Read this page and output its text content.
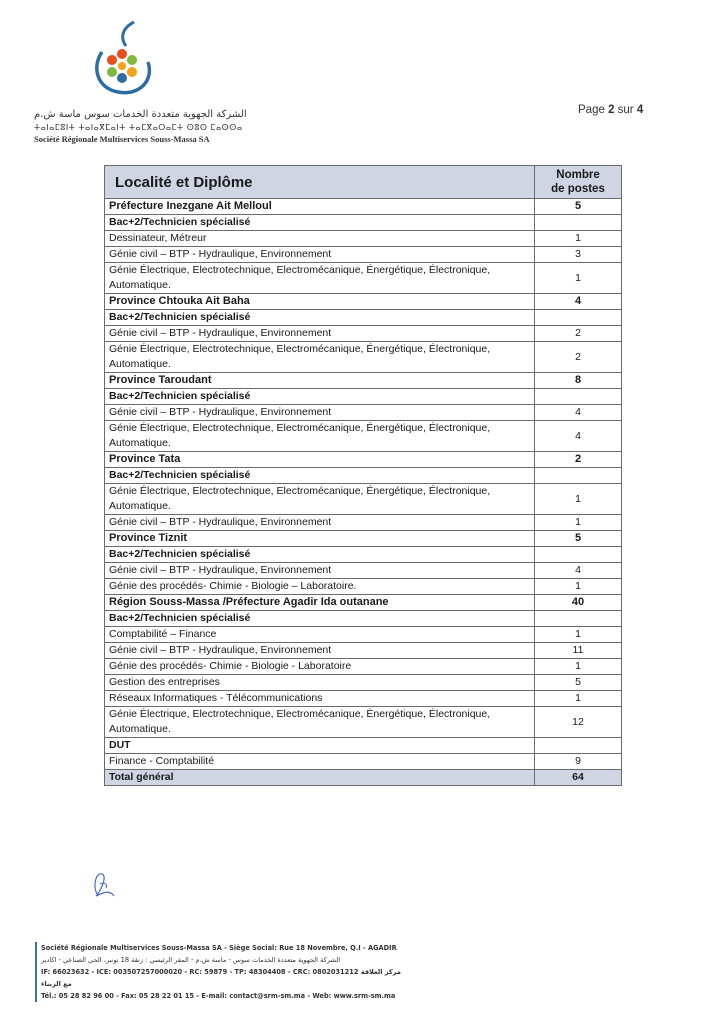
الشركة الجهوية متعددة الخدمات سوس ماسة ش.م
ⵜⴰⵏⴰⵎⵓⵏⵜ ⵜⴰⵏⴰⴳⵎⴰⵏⵜ ⵜⴰⵎⴳⴰⵔⴰⵎⵜ ⵙⵓⵙ ⵎⴰⵙⵙⴰ
Société Régionale Multiservices Souss-Massa SA
Page 2 sur 4
Localité et Diplôme	Nombre
de postes
Préfecture Inezgane Ait Melloul	5
Bac+2/Technicien spécialisé	
Dessinateur, Métreur	1
Génie civil – BTP - Hydraulique, Environnement	3
Génie Électrique, Electrotechnique, Electromécanique, Énergétique, Électronique, Automatique.	1
Province Chtouka Ait Baha	4
Bac+2/Technicien spécialisé	
Génie civil – BTP - Hydraulique, Environnement	2
Génie Électrique, Electrotechnique, Electromécanique, Énergétique, Électronique, Automatique.	2
Province Taroudant	8
Bac+2/Technicien spécialisé	
Génie civil – BTP - Hydraulique, Environnement	4
Génie Électrique, Electrotechnique, Electromécanique, Énergétique, Électronique, Automatique.	4
Province Tata	2
Bac+2/Technicien spécialisé	
Génie Électrique, Electrotechnique, Electromécanique, Énergétique, Électronique, Automatique.	1
Génie civil – BTP - Hydraulique, Environnement	1
Province Tiznit	5
Bac+2/Technicien spécialisé	
Génie civil – BTP - Hydraulique, Environnement	4
Génie des procédés- Chimie - Biologie – Laboratoire.	1
Région Souss-Massa /Préfecture Agadir Ida outanane	40
Bac+2/Technicien spécialisé	
Comptabilité – Finance	1
Génie civil – BTP - Hydraulique, Environnement	11
Génie des procédés- Chimie - Biologie - Laboratoire	1
Gestion des entreprises	5
Réseaux Informatiques - Télécommunications	1
Génie Électrique, Electrotechnique, Electromécanique, Énergétique, Électronique, Automatique.	12
DUT	
Finance - Comptabilité	9
Total général	64
Société Régionale Multiservices Souss-Massa SA - Siège Social: Rue 18 Novembre, Q.I - AGADIR
الشركة الجهوية متعددة الخدمات سوس - ماسة ش.م - المقر الرئيسي : زنقة 18 نونبر، الحي الصناعي - اكادير
IF: 66023632 - ICE: 003507257000020 - RC: 59879 - TP: 48304408 - CRC: 0802031212 مركز العلاقة مع الزبناء
Tél.: 05 28 82 96 00 - Fax: 05 28 22 01 15 - E-mail: contact@srm-sm.ma - Web: www.srm-sm.ma
